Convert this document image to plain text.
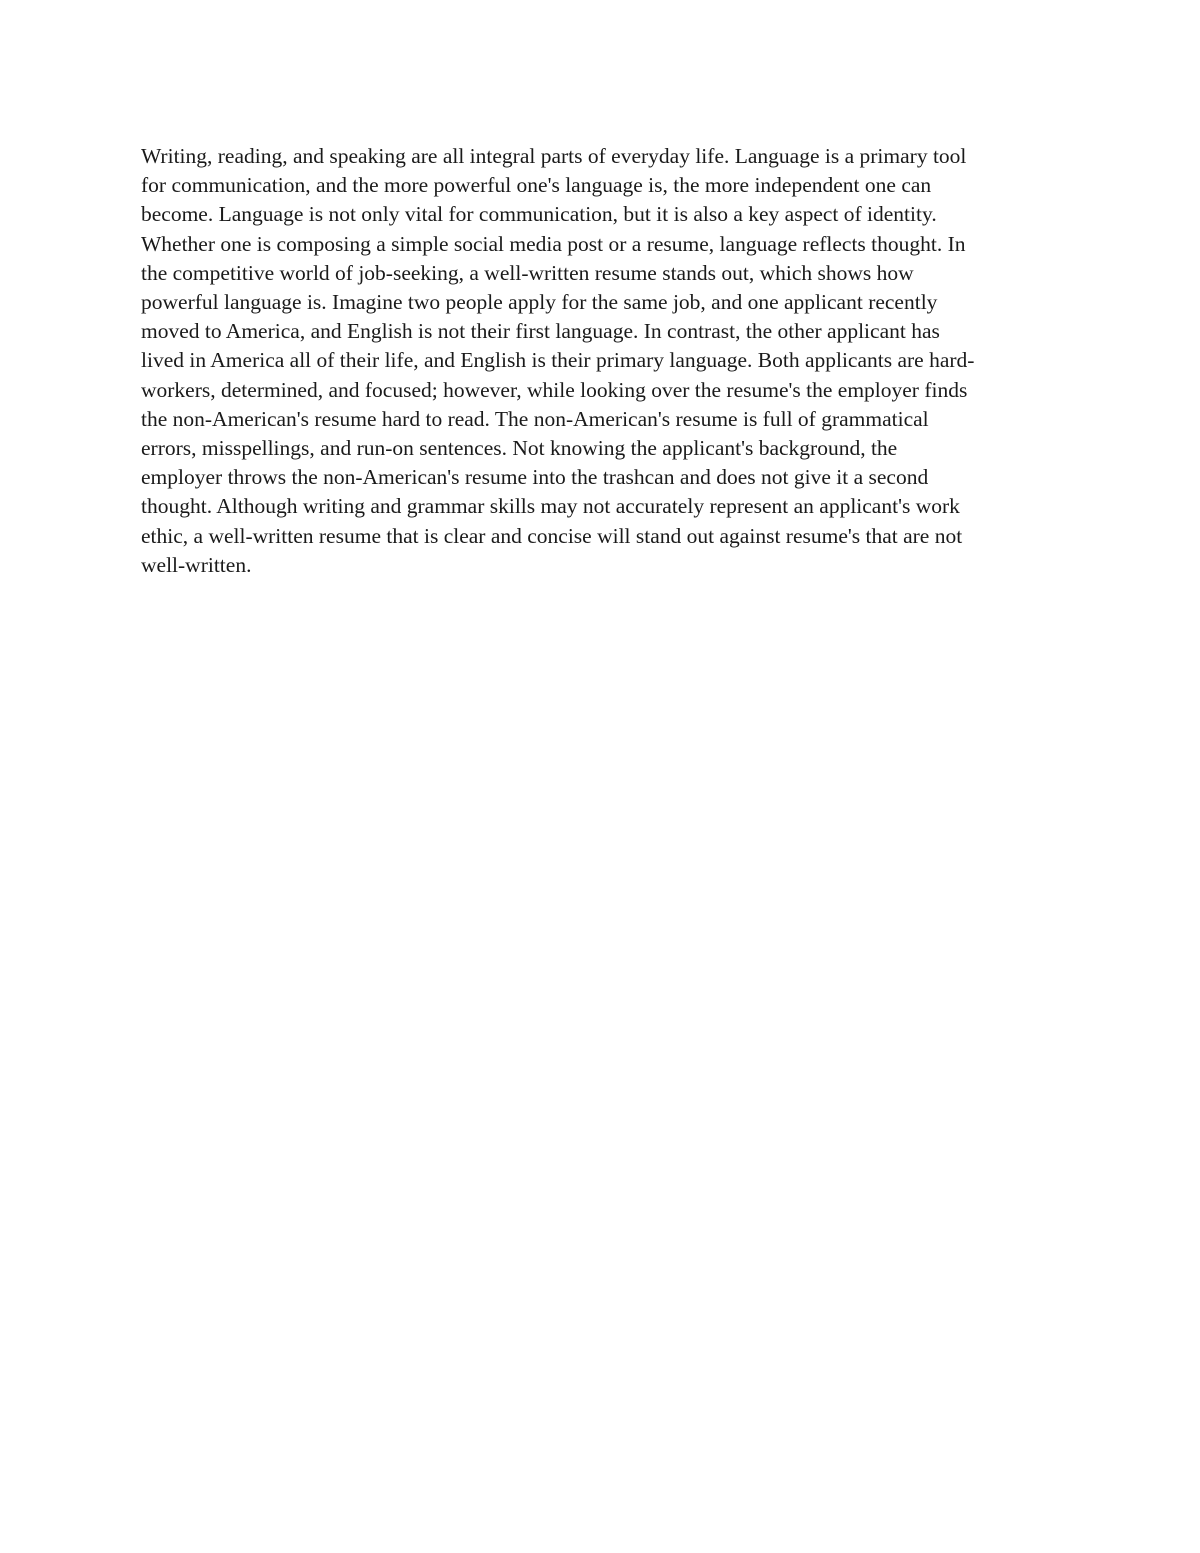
Writing, reading, and speaking are all integral parts of everyday life. Language is a primary tool
for communication, and the more powerful one's language is, the more independent one can
become. Language is not only vital for communication, but it is also a key aspect of identity.
Whether one is composing a simple social media post or a resume, language reflects thought. In
the competitive world of job-seeking, a well-written resume stands out, which shows how
powerful language is. Imagine two people apply for the same job, and one applicant recently
moved to America, and English is not their first language. In contrast, the other applicant has
lived in America all of their life, and English is their primary language. Both applicants are hard-
workers, determined, and focused; however, while looking over the resume's the employer finds
the non-American's resume hard to read. The non-American's resume is full of grammatical
errors, misspellings, and run-on sentences. Not knowing the applicant's background, the
employer throws the non-American's resume into the trashcan and does not give it a second
thought. Although writing and grammar skills may not accurately represent an applicant's work
ethic, a well-written resume that is clear and concise will stand out against resume's that are not
well-written.
